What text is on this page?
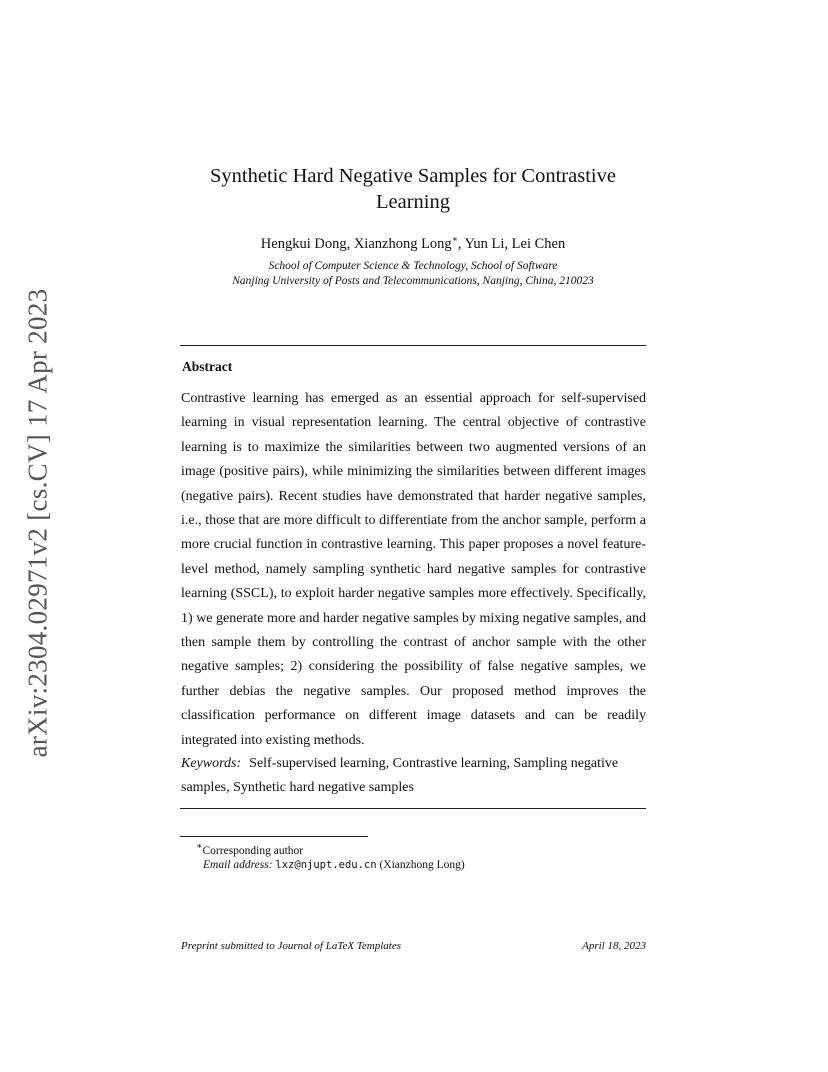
arXiv:2304.02971v2 [cs.CV] 17 Apr 2023
Synthetic Hard Negative Samples for Contrastive Learning
Hengkui Dong, Xianzhong Long∗, Yun Li, Lei Chen
School of Computer Science & Technology, School of Software
Nanjing University of Posts and Telecommunications, Nanjing, China, 210023
Abstract

Contrastive learning has emerged as an essential approach for self-supervised learning in visual representation learning. The central objective of contrastive learning is to maximize the similarities between two augmented versions of an image (positive pairs), while minimizing the similarities between different images (negative pairs). Recent studies have demonstrated that harder negative samples, i.e., those that are more difficult to differentiate from the anchor sample, perform a more crucial function in contrastive learning. This paper proposes a novel feature-level method, namely sampling synthetic hard negative samples for contrastive learning (SSCL), to exploit harder negative samples more effectively. Specifically, 1) we generate more and harder negative samples by mixing negative samples, and then sample them by controlling the contrast of anchor sample with the other negative samples; 2) considering the possibility of false negative samples, we further debias the negative samples. Our proposed method improves the classification performance on different image datasets and can be readily integrated into existing methods.

Keywords: Self-supervised learning, Contrastive learning, Sampling negative samples, Synthetic hard negative samples

∗Corresponding author
Email address: lxz@njupt.edu.cn (Xianzhong Long)
Preprint submitted to Journal of LaTeX Templates	April 18, 2023
